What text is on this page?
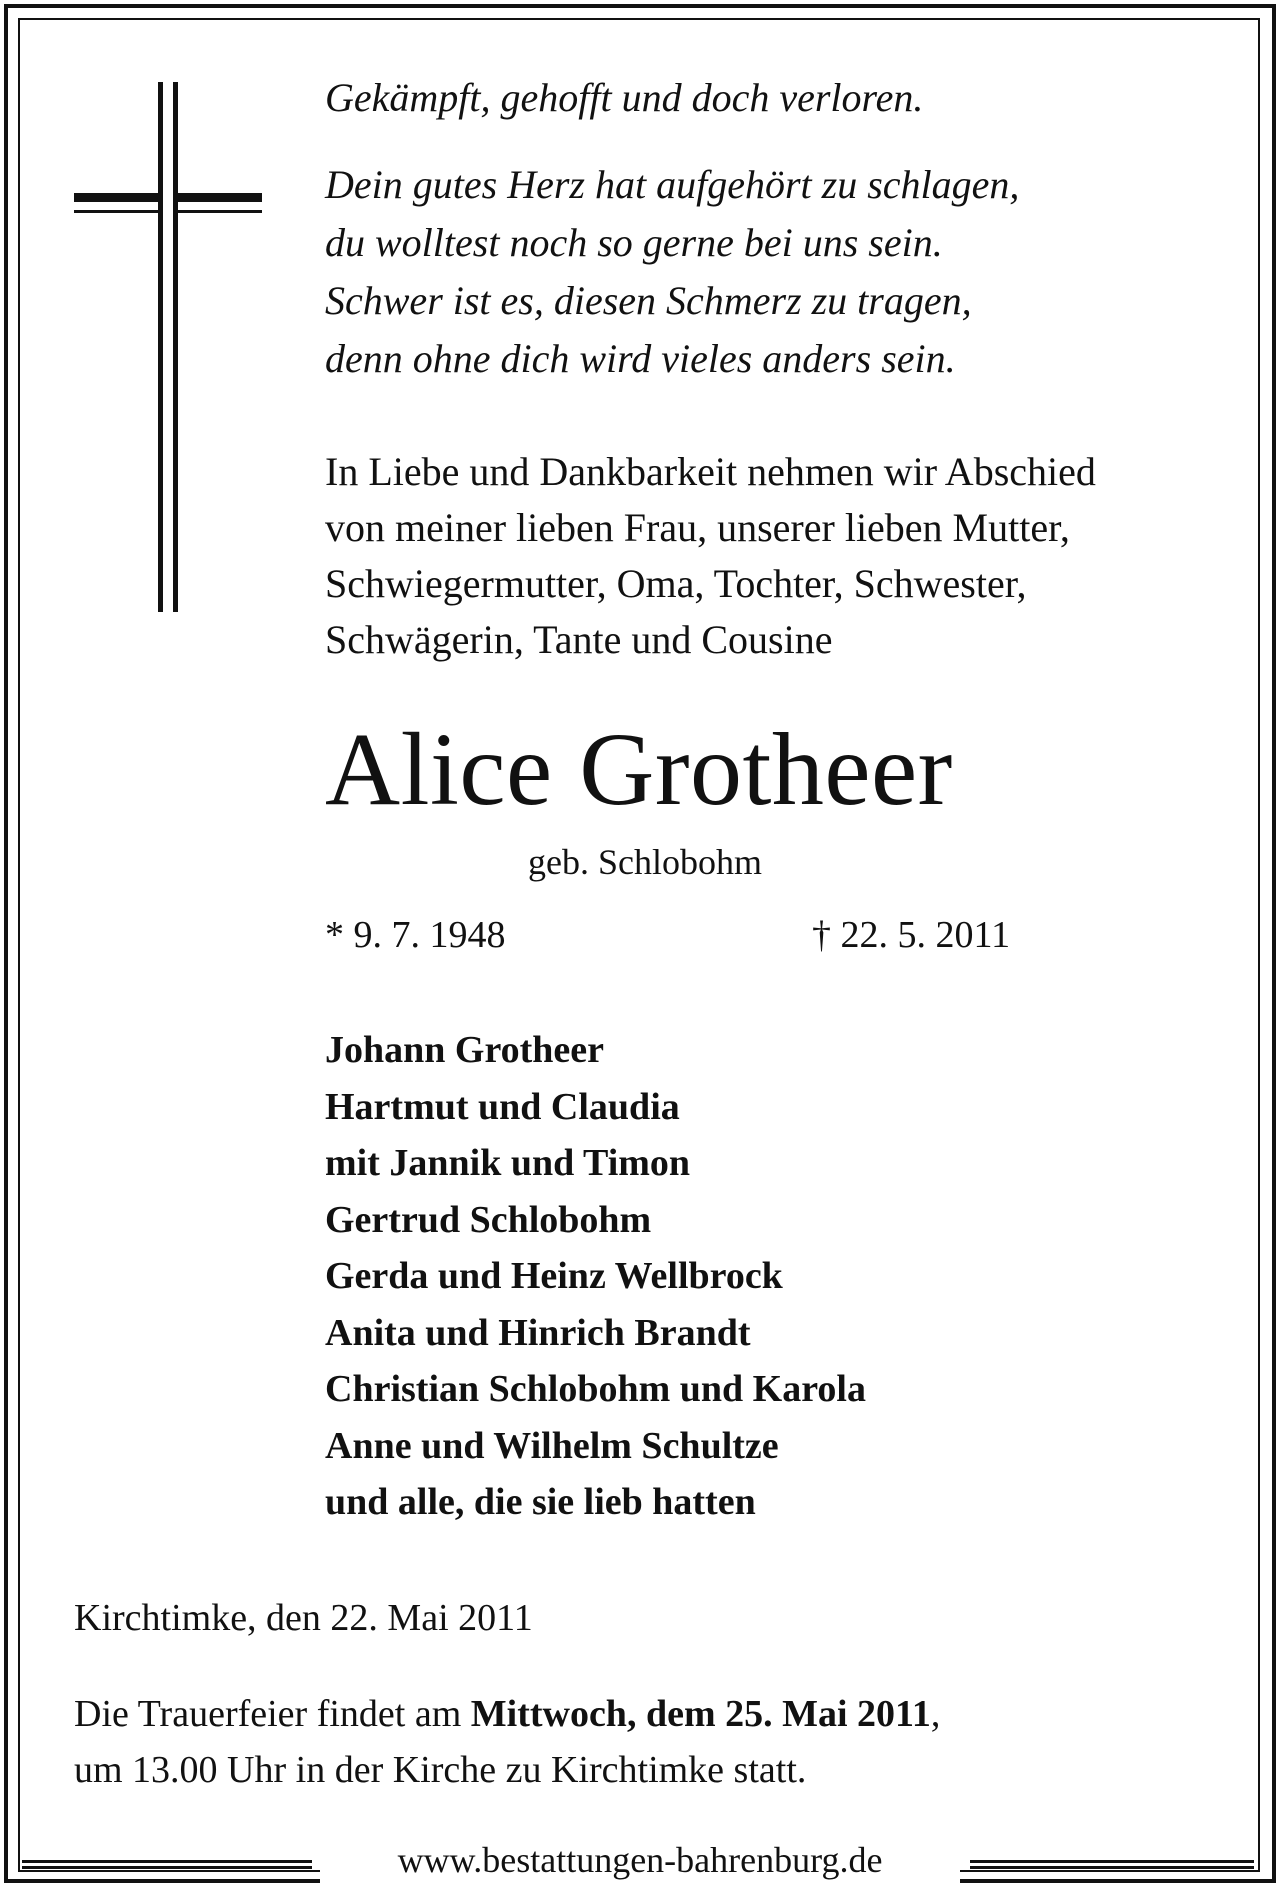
Gekämpft, gehofft und doch verloren.
Dein gutes Herz hat aufgehört zu schlagen,
du wolltest noch so gerne bei uns sein.
Schwer ist es, diesen Schmerz zu tragen,
denn ohne dich wird vieles anders sein.
In Liebe und Dankbarkeit nehmen wir Abschied
von meiner lieben Frau, unserer lieben Mutter,
Schwiegermutter, Oma, Tochter, Schwester,
Schwägerin, Tante und Cousine
Alice Grotheer
geb. Schlobohm
* 9. 7. 1948	† 22. 5. 2011
Johann Grotheer
Hartmut und Claudia
mit Jannik und Timon
Gertrud Schlobohm
Gerda und Heinz Wellbrock
Anita und Hinrich Brandt
Christian Schlobohm und Karola
Anne und Wilhelm Schultze
und alle, die sie lieb hatten
Kirchtimke, den 22. Mai 2011
Die Trauerfeier findet am Mittwoch, dem 25. Mai 2011,
um 13.00 Uhr in der Kirche zu Kirchtimke statt.
www.bestattungen-bahrenburg.de
